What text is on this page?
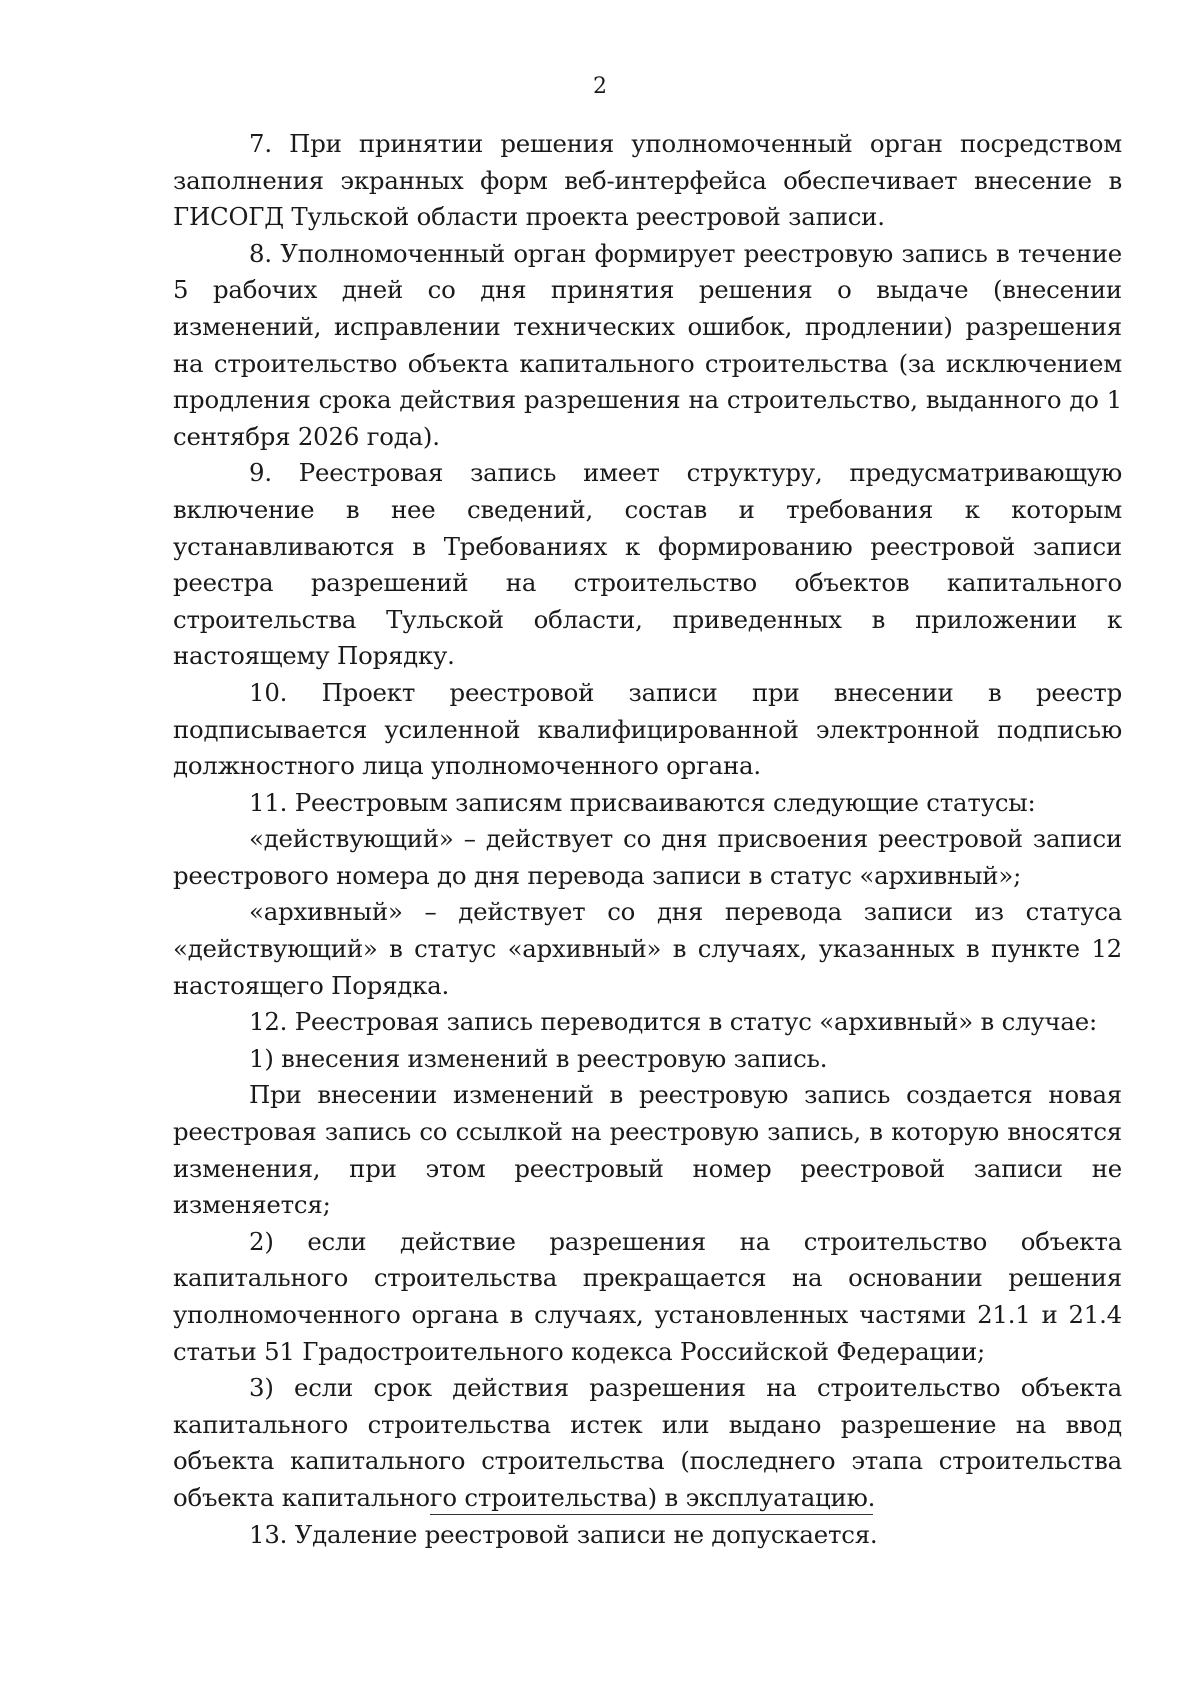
2

7. При принятии решения уполномоченный орган посредством заполнения экранных форм веб-интерфейса обеспечивает внесение в ГИСОГД Тульской области проекта реестровой записи.

8. Уполномоченный орган формирует реестровую запись в течение 5 рабочих дней со дня принятия решения о выдаче (внесении изменений, исправлении технических ошибок, продлении) разрешения на строительство объекта капитального строительства (за исключением продления срока действия разрешения на строительство, выданного до 1 сентября 2026 года).

9. Реестровая запись имеет структуру, предусматривающую включение в нее сведений, состав и требования к которым устанавливаются в Требованиях к формированию реестровой записи реестра разрешений на строительство объектов капитального строительства Тульской области, приведенных в приложении к настоящему Порядку.

10. Проект реестровой записи при внесении в реестр подписывается усиленной квалифицированной электронной подписью должностного лица уполномоченного органа.

11. Реестровым записям присваиваются следующие статусы:

«действующий» – действует со дня присвоения реестровой записи реестрового номера до дня перевода записи в статус «архивный»;

«архивный» – действует со дня перевода записи из статуса «действующий» в статус «архивный» в случаях, указанных в пункте 12 настоящего Порядка.

12. Реестровая запись переводится в статус «архивный» в случае:

1) внесения изменений в реестровую запись.

При внесении изменений в реестровую запись создается новая реестровая запись со ссылкой на реестровую запись, в которую вносятся изменения, при этом реестровый номер реестровой записи не изменяется;

2) если действие разрешения на строительство объекта капитального строительства прекращается на основании решения уполномоченного органа в случаях, установленных частями 21.1 и 21.4 статьи 51 Градостроительного кодекса Российской Федерации;

3) если срок действия разрешения на строительство объекта капитального строительства истек или выдано разрешение на ввод объекта капитального строительства (последнего этапа строительства объекта капитального строительства) в эксплуатацию.

13. Удаление реестровой записи не допускается.
